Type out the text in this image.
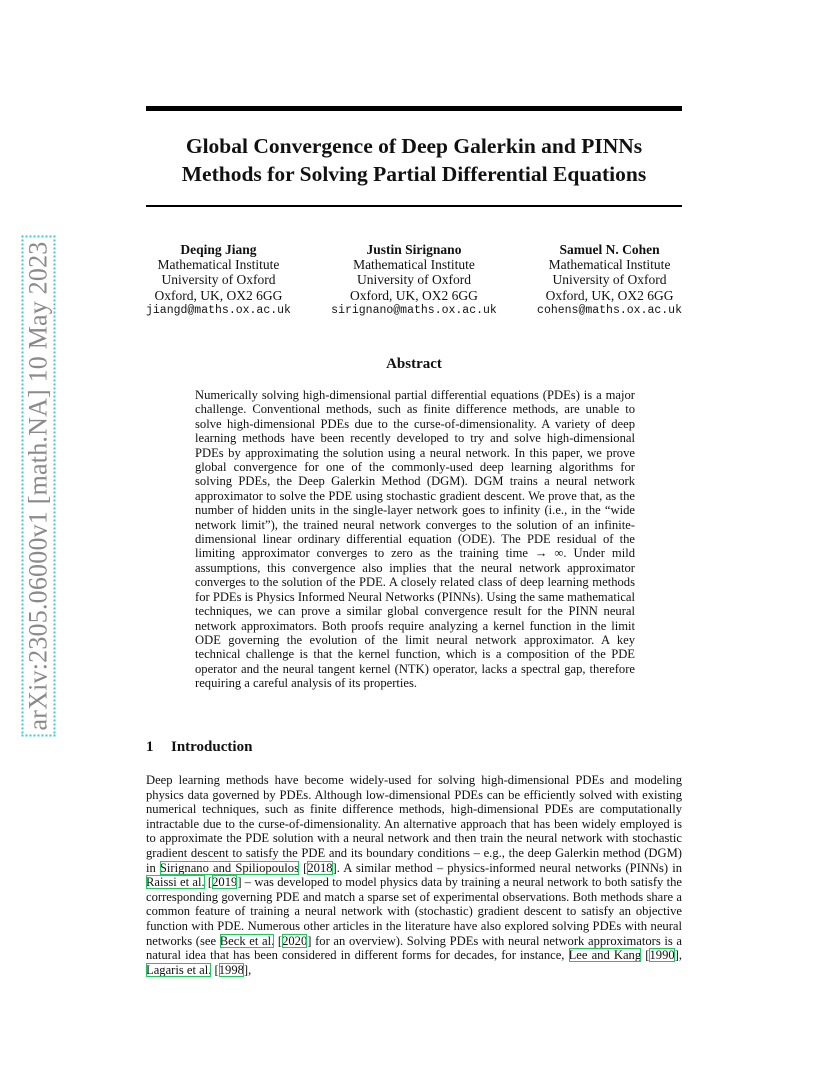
arXiv:2305.06000v1 [math.NA] 10 May 2023
Global Convergence of Deep Galerkin and PINNs
Methods for Solving Partial Differential Equations
Deqing Jiang
Mathematical Institute
University of Oxford
Oxford, UK, OX2 6GG
jiangd@maths.ox.ac.uk
Justin Sirignano
Mathematical Institute
University of Oxford
Oxford, UK, OX2 6GG
sirignano@maths.ox.ac.uk
Samuel N. Cohen
Mathematical Institute
University of Oxford
Oxford, UK, OX2 6GG
cohens@maths.ox.ac.uk
Abstract

Numerically solving high-dimensional partial differential equations (PDEs) is a major challenge. Conventional methods, such as finite difference methods, are unable to solve high-dimensional PDEs due to the curse-of-dimensionality. A variety of deep learning methods have been recently developed to try and solve high-dimensional PDEs by approximating the solution using a neural network. In this paper, we prove global convergence for one of the commonly-used deep learning algorithms for solving PDEs, the Deep Galerkin Method (DGM). DGM trains a neural network approximator to solve the PDE using stochastic gradient descent. We prove that, as the number of hidden units in the single-layer network goes to infinity (i.e., in the “wide network limit”), the trained neural network converges to the solution of an infinite-dimensional linear ordinary differential equation (ODE). The PDE residual of the limiting approximator converges to zero as the training time → ∞. Under mild assumptions, this convergence also implies that the neural network approximator converges to the solution of the PDE. A closely related class of deep learning methods for PDEs is Physics Informed Neural Networks (PINNs). Using the same mathematical techniques, we can prove a similar global convergence result for the PINN neural network approximators. Both proofs require analyzing a kernel function in the limit ODE governing the evolution of the limit neural network approximator. A key technical challenge is that the kernel function, which is a composition of the PDE operator and the neural tangent kernel (NTK) operator, lacks a spectral gap, therefore requiring a careful analysis of its properties.

1 Introduction

Deep learning methods have become widely-used for solving high-dimensional PDEs and modeling physics data governed by PDEs. Although low-dimensional PDEs can be efficiently solved with existing numerical techniques, such as finite difference methods, high-dimensional PDEs are computationally intractable due to the curse-of-dimensionality. An alternative approach that has been widely employed is to approximate the PDE solution with a neural network and then train the neural network with stochastic gradient descent to satisfy the PDE and its boundary conditions – e.g., the deep Galerkin method (DGM) in Sirignano and Spiliopoulos [2018]. A similar method – physics-informed neural networks (PINNs) in Raissi et al. [2019] – was developed to model physics data by training a neural network to both satisfy the corresponding governing PDE and match a sparse set of experimental observations. Both methods share a common feature of training a neural network with (stochastic) gradient descent to satisfy an objective function with PDE. Numerous other articles in the literature have also explored solving PDEs with neural networks (see Beck et al. [2020] for an overview). Solving PDEs with neural network approximators is a natural idea that has been considered in different forms for decades, for instance, Lee and Kang [1990], Lagaris et al. [1998],
